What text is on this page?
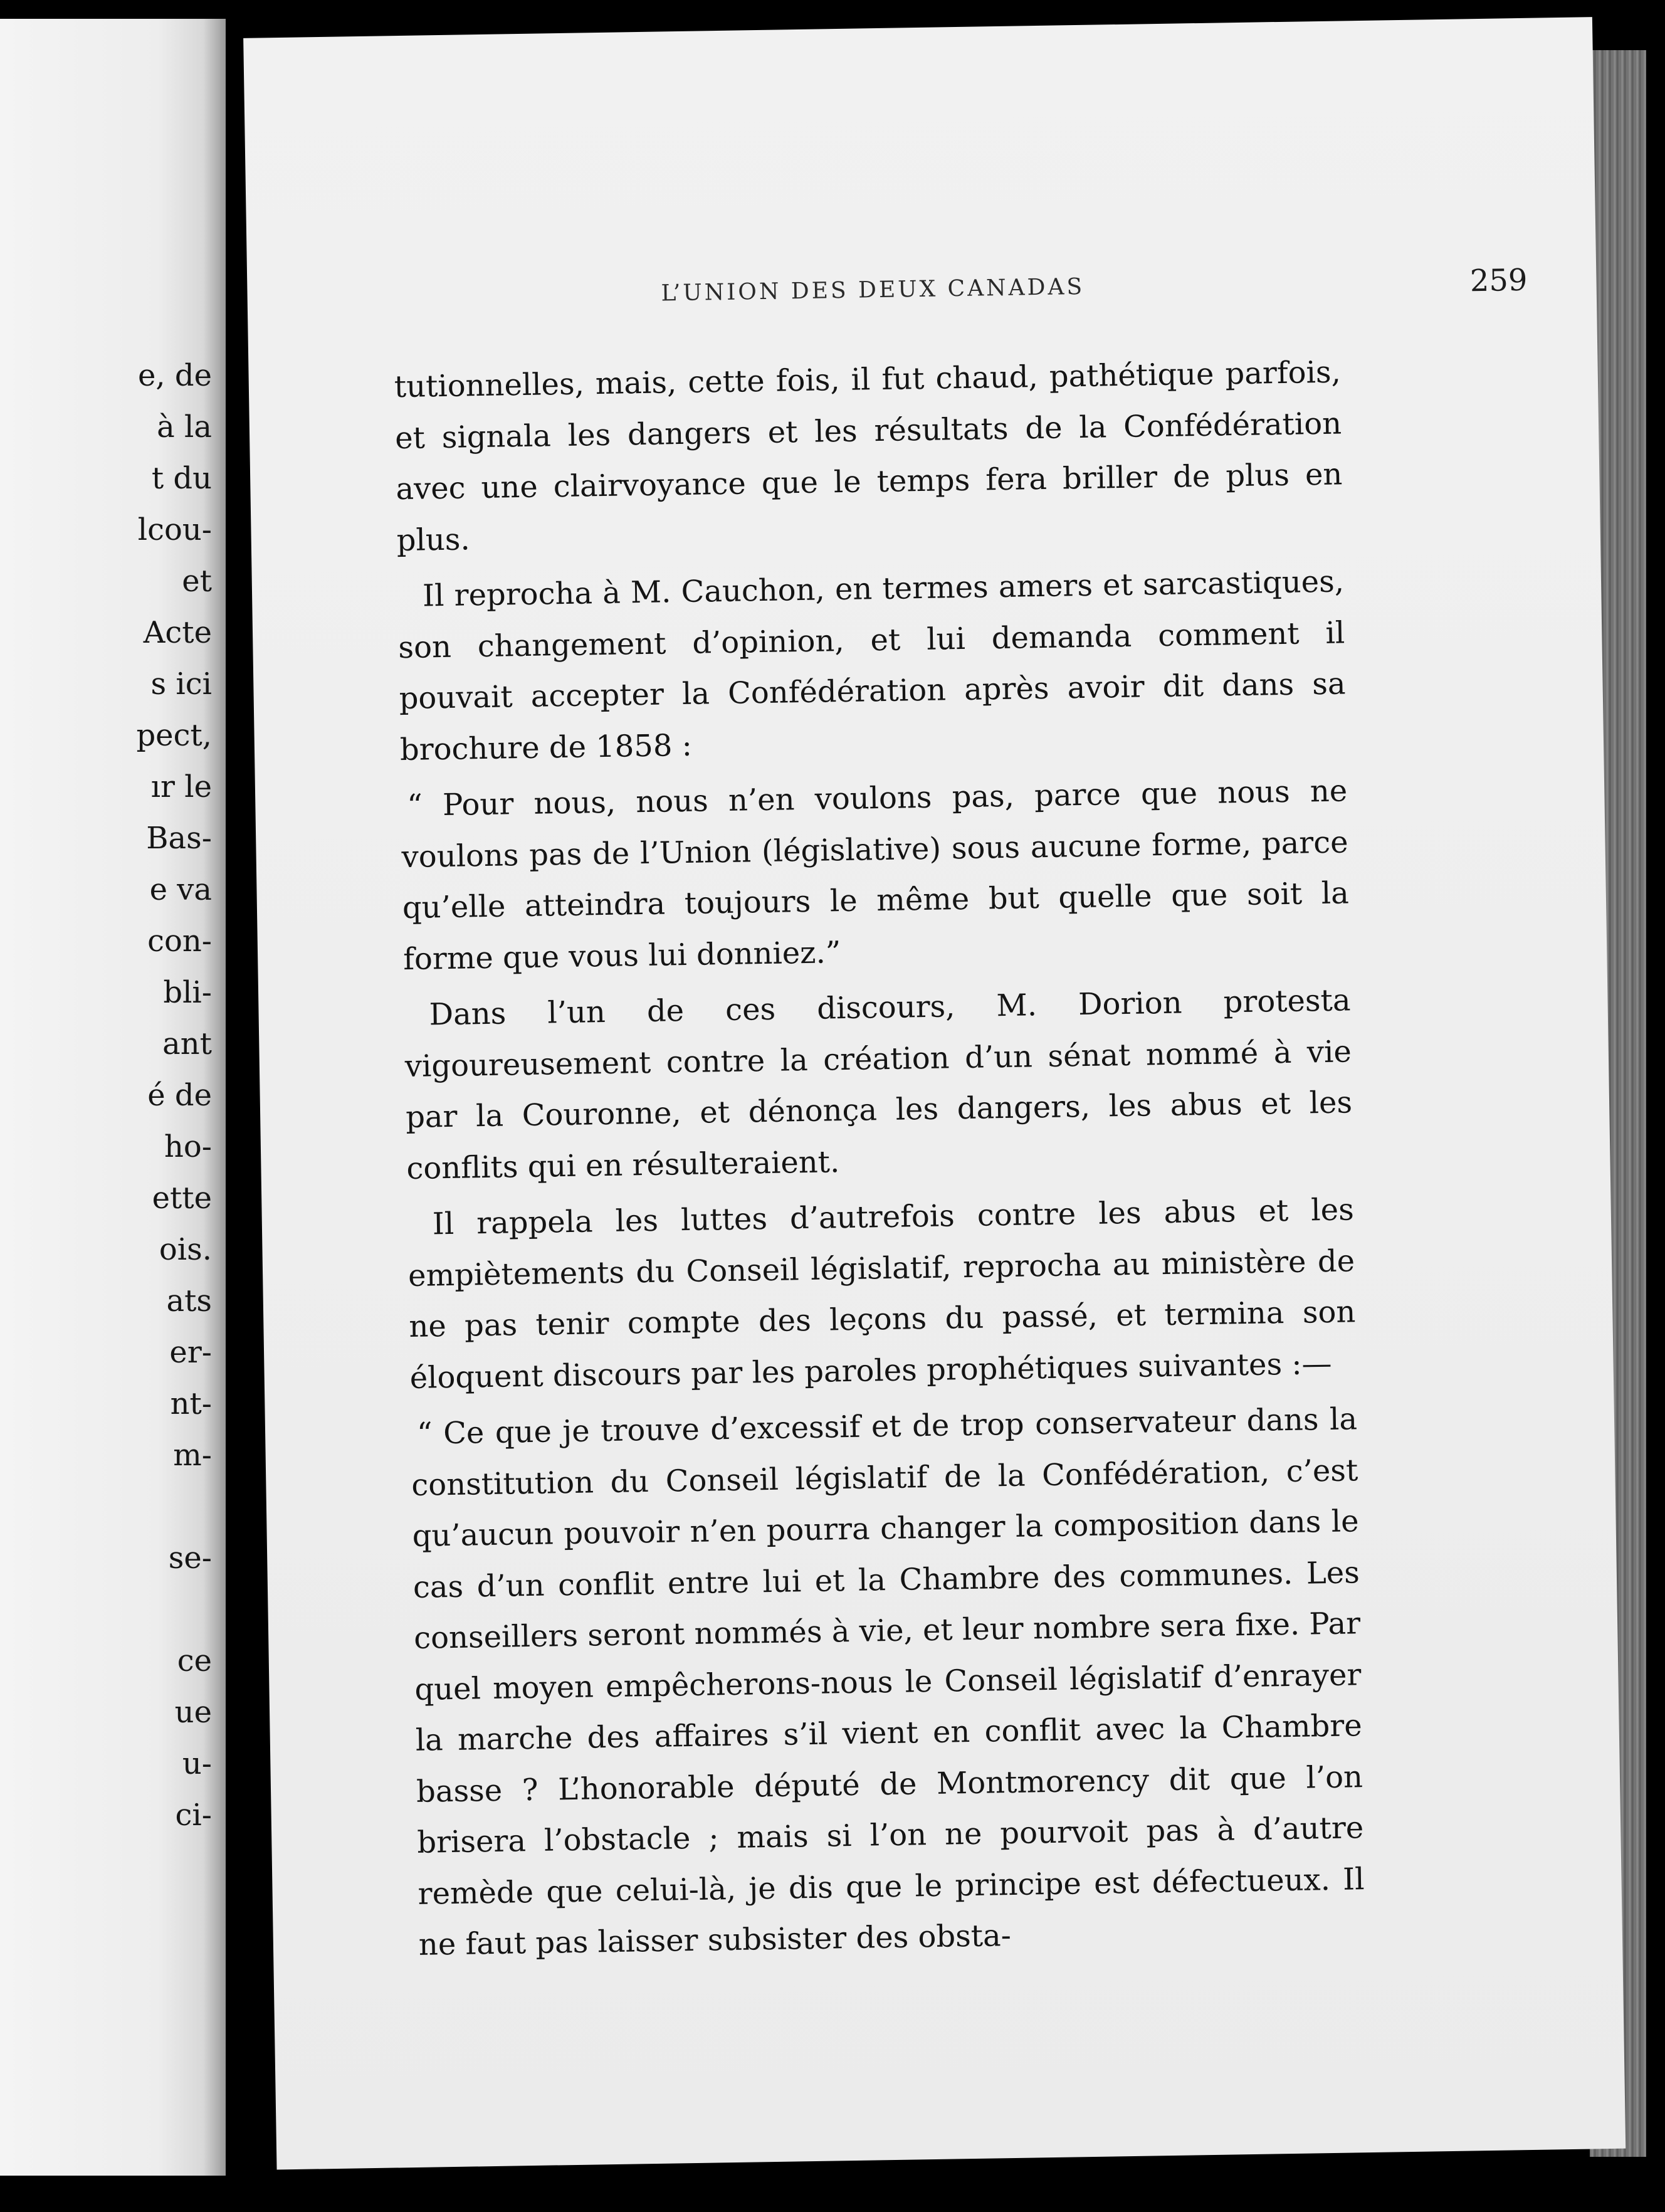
e, de
à la
t du
lcou-
et
Acte
s ici
pect,
ır le
Bas-
e va
con-
bli-
ant
é de
ho-
ette
ois.
ats
er-
nt-
m-
se-
ce
ue
u-
ci-
L’UNION DES DEUX CANADAS	259

tutionnelles, mais, cette fois, il fut chaud, pathétique parfois, et signala les dangers et les résultats de la Confédération avec une clairvoyance que le temps fera briller de plus en plus.

Il reprocha à M. Cauchon, en termes amers et sarcastiques, son changement d’opinion, et lui demanda comment il pouvait accepter la Confédération après avoir dit dans sa brochure de 1858 :

“ Pour nous, nous n’en voulons pas, parce que nous ne voulons pas de l’Union (législative) sous aucune forme, parce qu’elle atteindra toujours le même but quelle que soit la forme que vous lui donniez.”

Dans l’un de ces discours, M. Dorion protesta vigoureusement contre la création d’un sénat nommé à vie par la Couronne, et dénonça les dangers, les abus et les conflits qui en résulteraient.

Il rappela les luttes d’autrefois contre les abus et les empiètements du Conseil législatif, reprocha au ministère de ne pas tenir compte des leçons du passé, et termina son éloquent discours par les paroles prophétiques suivantes :—

“ Ce que je trouve d’excessif et de trop conservateur dans la constitution du Conseil législatif de la Confédération, c’est qu’aucun pouvoir n’en pourra changer la composition dans le cas d’un conflit entre lui et la Chambre des communes. Les conseillers seront nommés à vie, et leur nombre sera fixe. Par quel moyen empêcherons-nous le Conseil législatif d’enrayer la marche des affaires s’il vient en conflit avec la Chambre basse ? L’honorable député de Montmorency dit que l’on brisera l’obstacle ; mais si l’on ne pourvoit pas à d’autre remède que celui-là, je dis que le principe est défectueux. Il ne faut pas laisser subsister des obsta-
